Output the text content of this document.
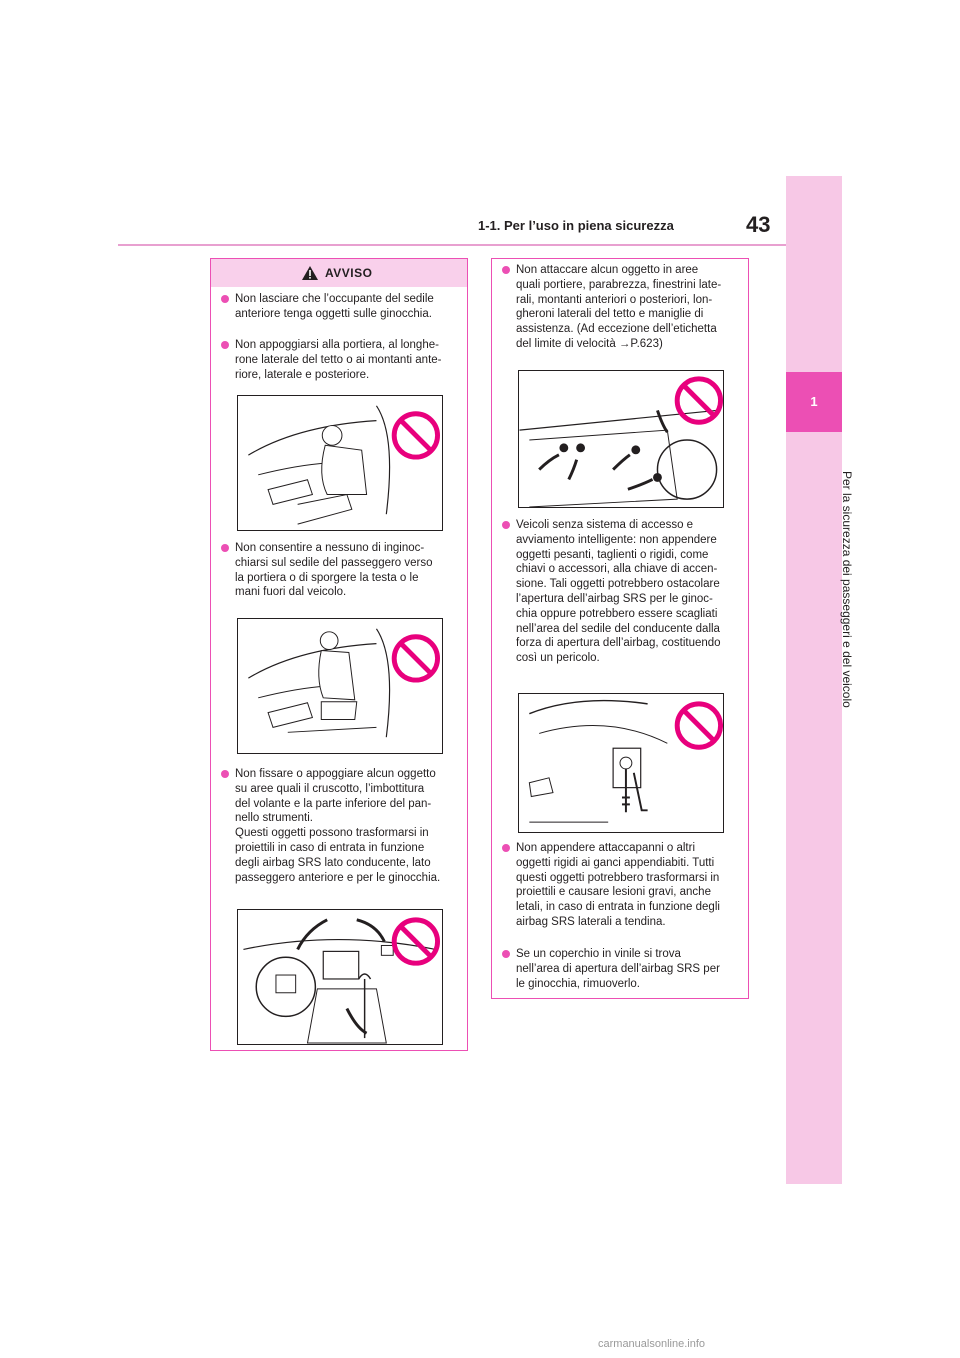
43
1-1. Per l’uso in piena sicurezza
1
Per la sicurezza dei passeggeri e del veicolo
AVVISO
Non lasciare che l’occupante del sedile anteriore tenga oggetti sulle ginocchia.
Non appoggiarsi alla portiera, al longhe-
rone laterale del tetto o ai montanti ante-
riore, laterale e posteriore.
Non consentire a nessuno di inginoc-
chiarsi sul sedile del passeggero verso
la portiera o di sporgere la testa o le
mani fuori dal veicolo.
Non fissare o appoggiare alcun oggetto
su aree quali il cruscotto, l’imbottitura
del volante e la parte inferiore del pan-
nello strumenti.
Questi oggetti possono trasformarsi in
proiettili in caso di entrata in funzione
degli airbag SRS lato conducente, lato
passeggero anteriore e per le ginocchia.
Non attaccare alcun oggetto in aree
quali portiere, parabrezza, finestrini late-
rali, montanti anteriori o posteriori, lon-
gheroni laterali del tetto e maniglie di
assistenza. (Ad eccezione dell’etichetta
del limite di velocità →P.623)
Veicoli senza sistema di accesso e
avviamento intelligente: non appendere
oggetti pesanti, taglienti o rigidi, come
chiavi o accessori, alla chiave di accen-
sione. Tali oggetti potrebbero ostacolare
l’apertura dell’airbag SRS per le ginoc-
chia oppure potrebbero essere scagliati
nell’area del sedile del conducente dalla
forza di apertura dell’airbag, costituendo
così un pericolo.
Non appendere attaccapanni o altri
oggetti rigidi ai ganci appendiabiti. Tutti
questi oggetti potrebbero trasformarsi in
proiettili e causare lesioni gravi, anche
letali, in caso di entrata in funzione degli
airbag SRS laterali a tendina.
Se un coperchio in vinile si trova
nell’area di apertura dell’airbag SRS per
le ginocchia, rimuoverlo.
carmanualsonline.info
